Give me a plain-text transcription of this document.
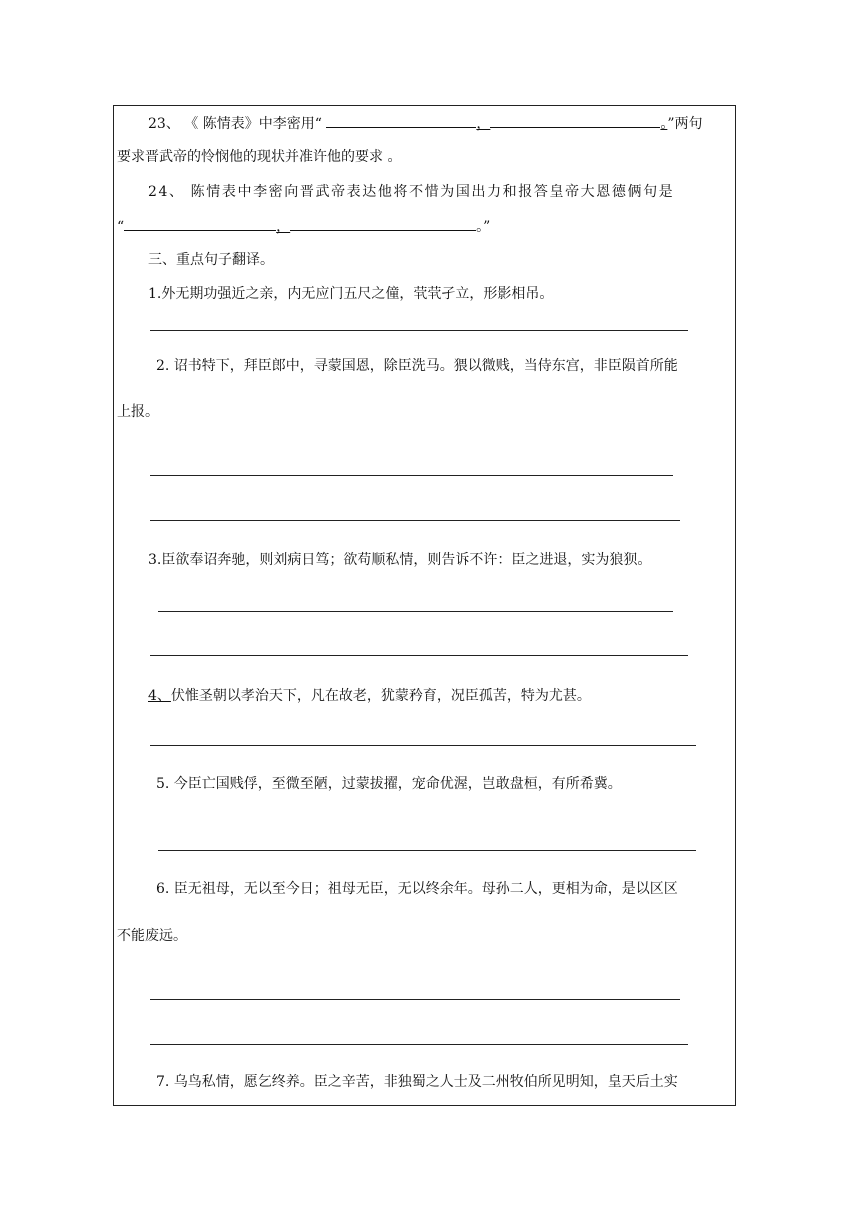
23、 《 陈情表》中李密用“	，	。”两句
要求晋武帝的怜悯他的现状并准许他的要求 。
24、 陈情表中李密向晋武帝表达他将不惜为国出力和报答皇帝大恩德俩句是
“	，	。”
三、重点句子翻译。
1.外无期功强近之亲，内无应门五尺之僮，茕茕孑立，形影相吊。
2. 诏书特下，拜臣郎中，寻蒙国恩，除臣洗马。猥以微贱，当侍东宫，非臣陨首所能
上报。
3.臣欲奉诏奔驰，则刘病日笃；欲苟顺私情，则告诉不许：臣之进退，实为狼狈。
4、伏惟圣朝以孝治天下，凡在故老，犹蒙矜育，况臣孤苦，特为尤甚。
5. 今臣亡国贱俘，至微至陋，过蒙拔擢，宠命优渥，岂敢盘桓，有所希冀。
6. 臣无祖母，无以至今日；祖母无臣，无以终余年。母孙二人，更相为命，是以区区
不能废远。
7. 乌鸟私情，愿乞终养。臣之辛苦，非独蜀之人士及二州牧伯所见明知，皇天后土实
